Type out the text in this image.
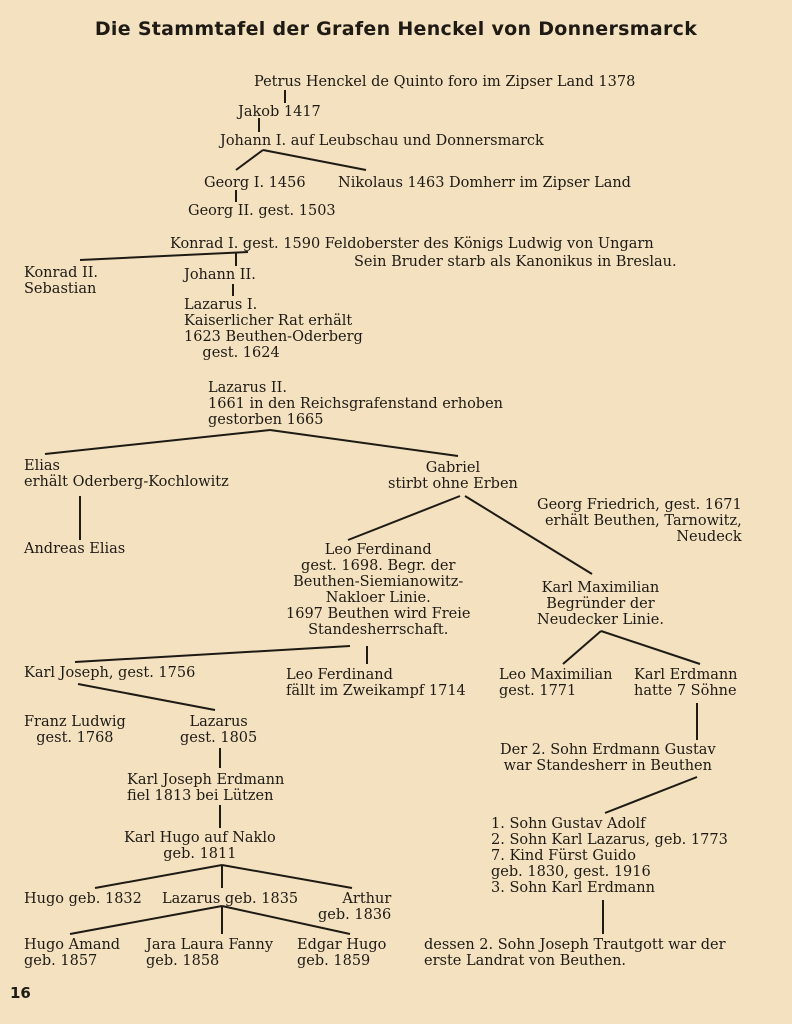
Die Stammtafel der Grafen Henckel von Donnersmarck
Petrus Henckel de Quinto foro im Zipser Land 1378
Jakob 1417
Johann I. auf Leubschau und Donnersmarck
Georg I. 1456 Nikolaus 1463 Domherr im Zipser Land
Georg II. gest. 1503
Konrad I. gest. 1590 Feldoberster des Königs Ludwig von Ungarn
Sein Bruder starb als Kanonikus in Breslau.
Konrad II.
Sebastian
Johann II.
Lazarus I.
Kaiserlicher Rat erhält
1623 Beuthen-Oderberg
gest. 1624
Lazarus II.
1661 in den Reichsgrafenstand erhoben
gestorben 1665
Elias
erhält Oderberg-Kochlowitz
Gabriel
stirbt ohne Erben
Andreas Elias
Georg Friedrich, gest. 1671
erhält Beuthen, Tarnowitz,
Neudeck
Leo Ferdinand
gest. 1698. Begr. der
Beuthen-Siemianowitz-
Nakloer Linie.
1697 Beuthen wird Freie
Standesherrschaft.
Karl Maximilian
Begründer der
Neudecker Linie.
Karl Joseph, gest. 1756	Leo Ferdinand
fällt im Zweikampf 1714
Leo Maximilian
gest. 1771
Karl Erdmann
hatte 7 Söhne
Franz Ludwig
gest. 1768
Lazarus
gest. 1805
Der 2. Sohn Erdmann Gustav
war Standesherr in Beuthen
Karl Joseph Erdmann
fiel 1813 bei Lützen
1. Sohn Gustav Adolf
2. Sohn Karl Lazarus, geb. 1773
7. Kind Fürst Guido
geb. 1830, gest. 1916
3. Sohn Karl Erdmann
Karl Hugo auf Naklo
geb. 1811
Hugo geb. 1832 Lazarus geb. 1835	Arthur
geb. 1836
Hugo Amand
geb. 1857
Jara Laura Fanny
geb. 1858
Edgar Hugo
geb. 1859
dessen 2. Sohn Joseph Trautgott war der
erste Landrat von Beuthen.
16
